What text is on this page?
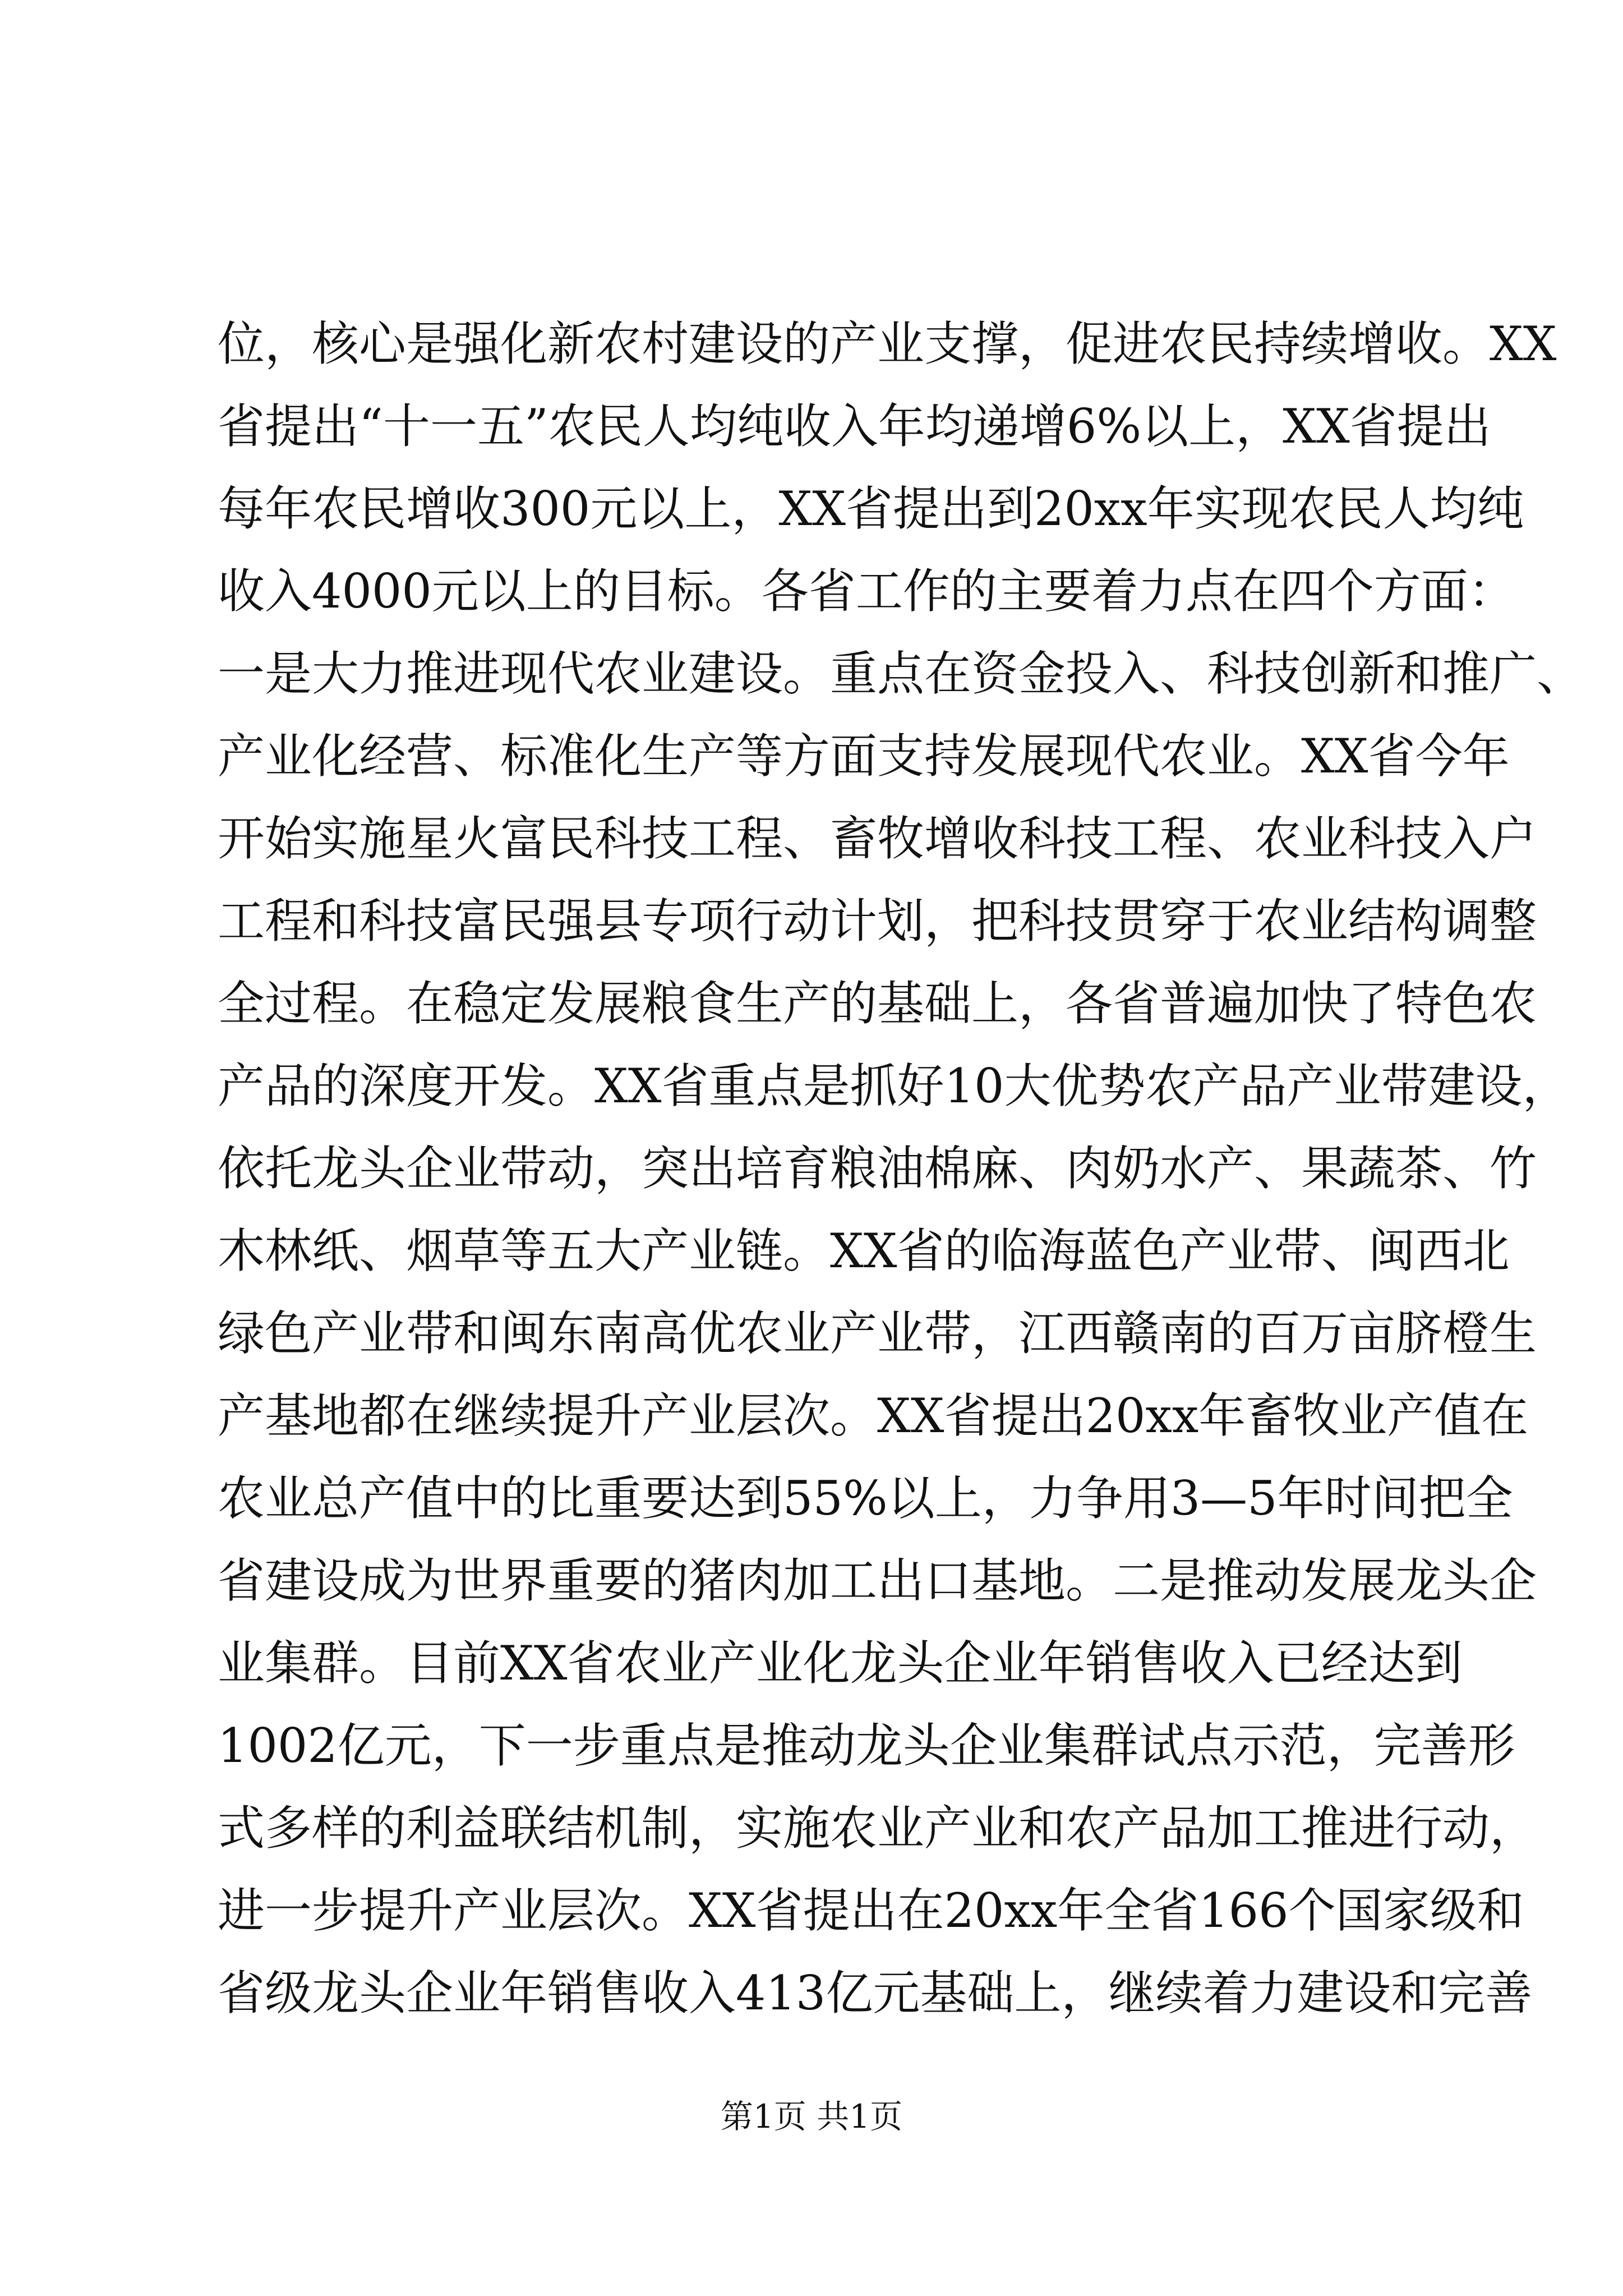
位，核心是强化新农村建设的产业支撑，促进农民持续增收。XX
省提出“十一五”农民人均纯收入年均递增6%以上，XX省提出
每年农民增收300元以上，XX省提出到20xx年实现农民人均纯
收入4000元以上的目标。各省工作的主要着力点在四个方面：
一是大力推进现代农业建设。重点在资金投入、科技创新和推广、
产业化经营、标准化生产等方面支持发展现代农业。XX省今年
开始实施星火富民科技工程、畜牧增收科技工程、农业科技入户
工程和科技富民强县专项行动计划，把科技贯穿于农业结构调整
全过程。在稳定发展粮食生产的基础上，各省普遍加快了特色农
产品的深度开发。XX省重点是抓好10大优势农产品产业带建设，
依托龙头企业带动，突出培育粮油棉麻、肉奶水产、果蔬茶、竹
木林纸、烟草等五大产业链。XX省的临海蓝色产业带、闽西北
绿色产业带和闽东南高优农业产业带，江西赣南的百万亩脐橙生
产基地都在继续提升产业层次。XX省提出20xx年畜牧业产值在
农业总产值中的比重要达到55%以上，力争用3—5年时间把全
省建设成为世界重要的猪肉加工出口基地。二是推动发展龙头企
业集群。目前XX省农业产业化龙头企业年销售收入已经达到
1002亿元，下一步重点是推动龙头企业集群试点示范，完善形
式多样的利益联结机制，实施农业产业和农产品加工推进行动，
进一步提升产业层次。XX省提出在20xx年全省166个国家级和
省级龙头企业年销售收入413亿元基础上，继续着力建设和完善
第1页 共1页
